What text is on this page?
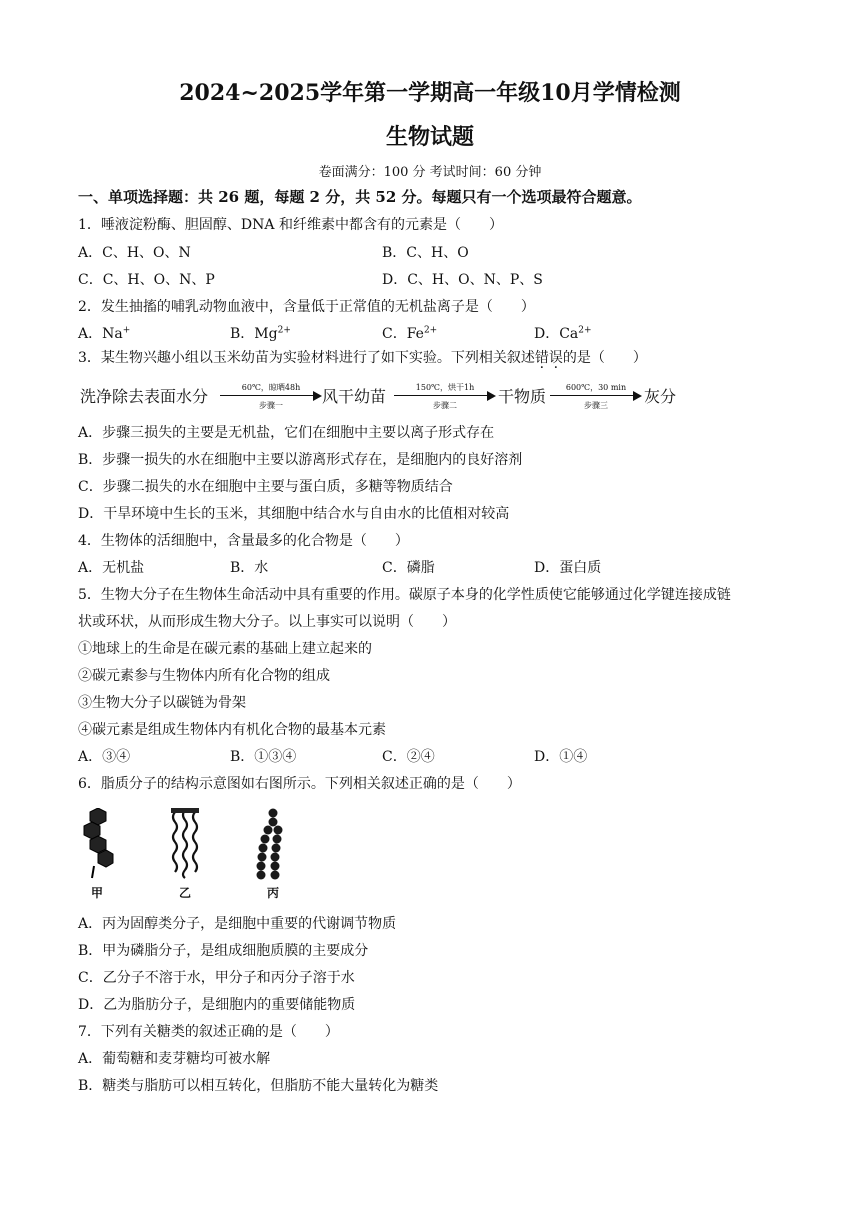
2024~2025学年第一学期高一年级10月学情检测
生物试题
卷面满分：100 分 考试时间：60 分钟
一、单项选择题：共 26 题，每题 2 分，共 52 分。每题只有一个选项最符合题意。
1．唾液淀粉酶、胆固醇、DNA 和纤维素中都含有的元素是（　　）
A．C、H、O、N	B．C、H、O
C．C、H、O、N、P	D．C、H、O、N、P、S
2．发生抽搐的哺乳动物血液中，含量低于正常值的无机盐离子是（　　）
A．Na+	B．$Mg^{2+}$	C．$Fe^{2+}$	D．$Ca^{2+}$
3．某生物兴趣小组以玉米幼苗为实验材料进行了如下实验。下列相关叙述错误的是（　　）
洗净除去表面水分	60℃，晾晒48h
步骤一	风干幼苗	150℃，烘干1h
步骤二	干物质	600℃，30 min
步骤三	灰分
A．步骤三损失的主要是无机盐，它们在细胞中主要以离子形式存在
B．步骤一损失的水在细胞中主要以游离形式存在，是细胞内的良好溶剂
C．步骤二损失的水在细胞中主要与蛋白质，多糖等物质结合
D．干旱环境中生长的玉米，其细胞中结合水与自由水的比值相对较高
4．生物体的活细胞中，含量最多的化合物是（　　）
A．无机盐	B．水	C．磷脂	D．蛋白质
5．生物大分子在生物体生命活动中具有重要的作用。碳原子本身的化学性质使它能够通过化学键连接成链
状或环状，从而形成生物大分子。以上事实可以说明（　　）
①地球上的生命是在碳元素的基础上建立起来的
②碳元素参与生物体内所有化合物的组成
③生物大分子以碳链为骨架
④碳元素是组成生物体内有机化合物的最基本元素
A．③④	B．①③④	C．②④	D．①④
6．脂质分子的结构示意图如右图所示。下列相关叙述正确的是（　　）
甲	乙	丙
A．丙为固醇类分子，是细胞中重要的代谢调节物质
B．甲为磷脂分子，是组成细胞质膜的主要成分
C．乙分子不溶于水，甲分子和丙分子溶于水
D．乙为脂肪分子，是细胞内的重要储能物质
7．下列有关糖类的叙述正确的是（　　）
A．葡萄糖和麦芽糖均可被水解
B．糖类与脂肪可以相互转化，但脂肪不能大量转化为糖类
